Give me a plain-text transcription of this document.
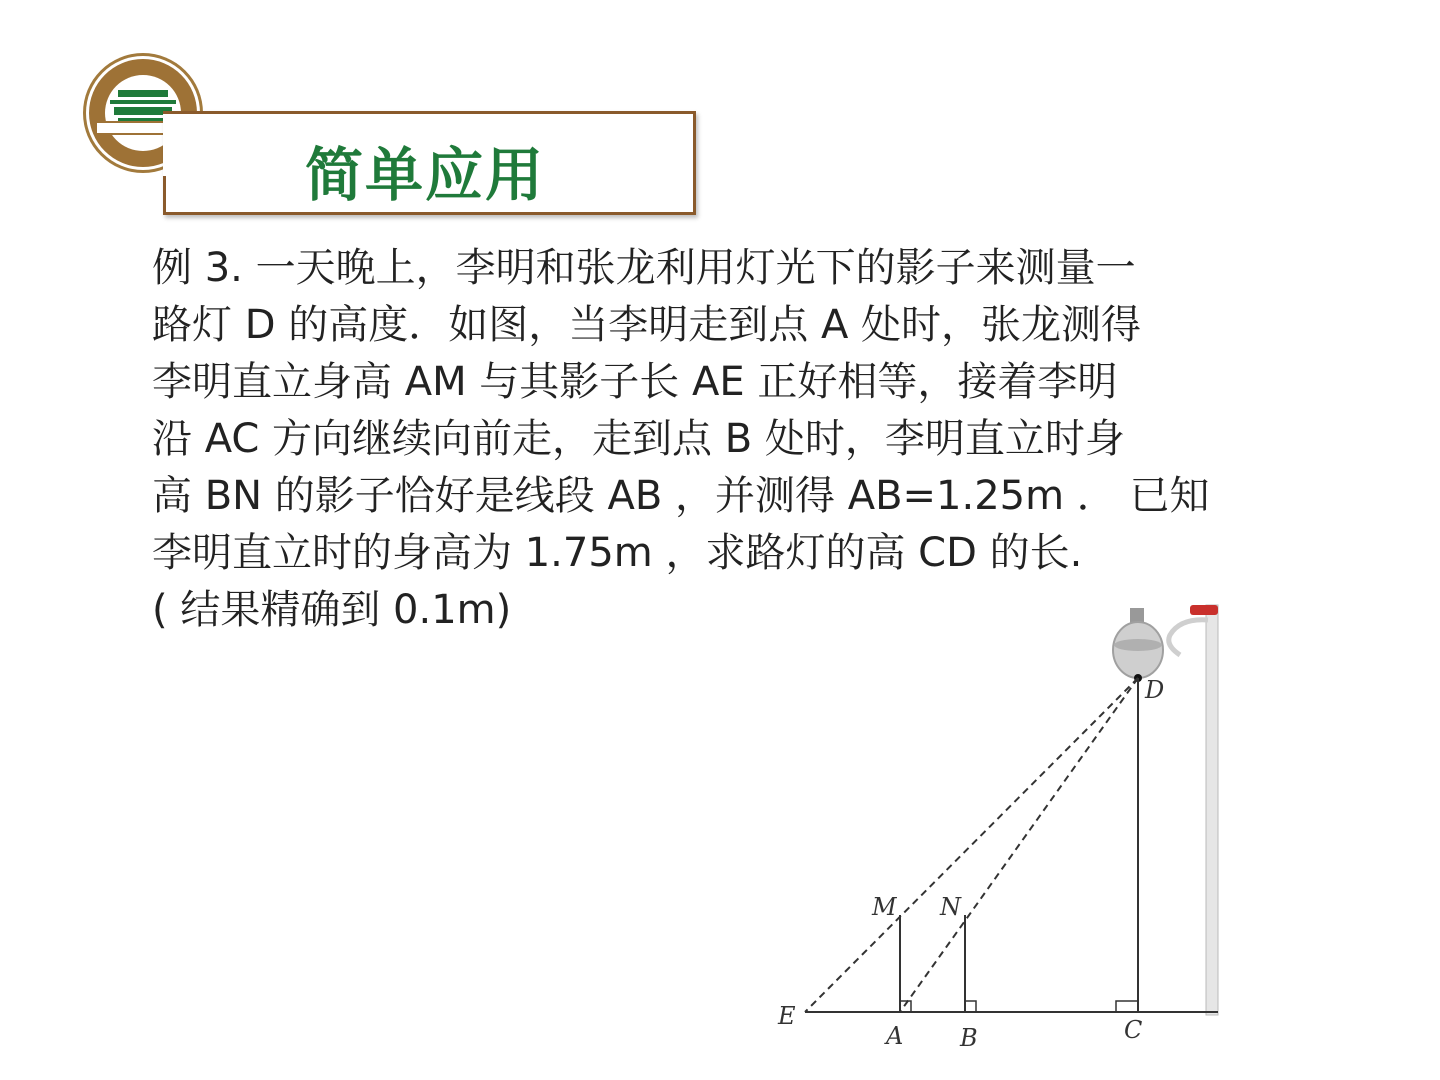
简单应用
例 3. 一天晚上，李明和张龙利用灯光下的影子来测量一
路灯 D 的高度．如图，当李明走到点 A 处时，张龙测得
李明直立身高 AM 与其影子长 AE 正好相等，接着李明
沿 AC 方向继续向前走，走到点 B 处时，李明直立时身
高 BN 的影子恰好是线段 AB ，并测得 AB=1.25m ． 已知
李明直立时的身高为 1.75m ，求路灯的高 CD 的长.
( 结果精确到 0.1m)
D
M N
E
A B	C
